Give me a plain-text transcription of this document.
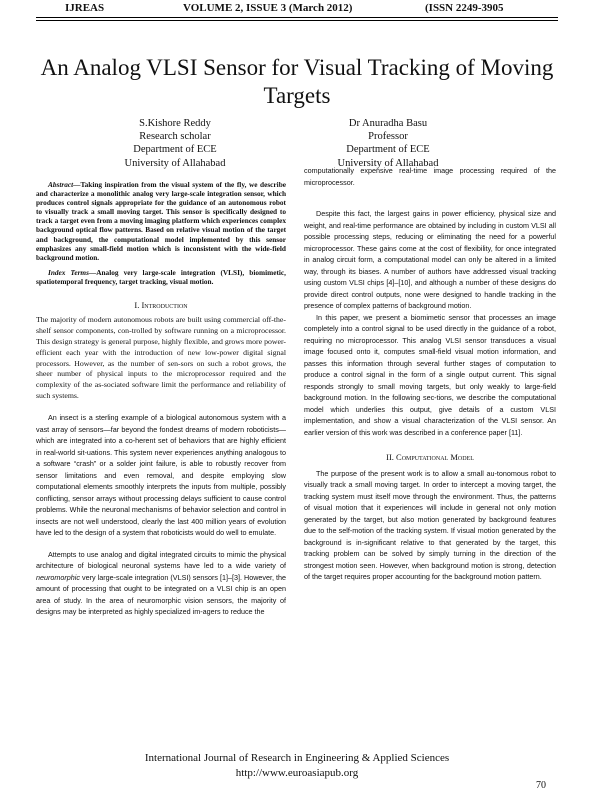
IJREAS	VOLUME 2, ISSUE 3 (March 2012)	(ISSN 2249-3905
An Analog VLSI Sensor for Visual Tracking of Moving Targets
S.Kishore Reddy
Research scholar
Department of ECE
University of Allahabad
Dr Anuradha Basu
Professor
Department of ECE
University of Allahabad

Abstract—Taking inspiration from the visual system of the fly, we describe and characterize a monolithic analog very large-scale integration sensor, which produces control signals appropriate for the guidance of an autonomous robot to visually track a small moving target. This sensor is specifically designed to track a target even from a moving imaging platform which experiences complex background optical flow patterns. Based on relative visual motion of the target and background, the computational model implemented by this sensor emphasizes any small-field motion which is inconsistent with the wide-field background motion.

Index Terms—Analog very large-scale integration (VLSI), biomimetic, spatiotemporal frequency, target tracking, visual motion.

I. Introduction

The majority of modern autonomous robots are built using commercial off-the-shelf sensor components, con-trolled by software running on a microprocessor. This design strategy is general purpose, highly flexible, and grows more power-efficient each year with the introduction of new low-power digital signal processors. However, as the number of sen-sors on such a robot grows, the sheer number of physical inputs to the microprocessor required and the complexity of the as-sociated software limit the performance and reliability of such systems.

An insect is a sterling example of a biological autonomous system with a vast array of sensors—far beyond the fondest dreams of modern roboticists—which are integrated into a co-herent set of behaviors that are highly efficient in real-world sit-uations. This system never experiences anything analogous to a software “crash” or a solder joint failure, is able to robustly recover from sensor limitations and even removal, and despite employing slow computational elements smoothly interprets the inputs from multiple, possibly conflicting, sensor arrays without processing delays sufficient to cause control problems. While the neuronal mechanisms of behavior selection and control in insects are not well understood, clearly the last 400 million years of evolution have led to the design of a system that roboticists would do well to emulate.

Attempts to use analog and digital integrated circuits to mimic the physical architecture of biological neuronal systems have led to a wide variety of neuromorphic very large-scale integration (VLSI) sensors [1]–[3]. However, the amount of processing that ought to be integrated on a VLSI chip is an open area of study. In the area of neuromorphic vision sensors, the majority of designs may be interpreted as highly specialized im-agers to reduce the

computationally expensive real-time image processing required of the microprocessor.

Despite this fact, the largest gains in power efficiency, physical size and weight, and real-time performance are obtained by including in custom VLSI all possible processing steps, reducing or eliminating the need for a powerful microprocessor. These gains come at the cost of flexibility, for once integrated in analog circuit form, a computational model can only be altered in a limited way, through its biases. A number of authors have addressed visual tracking using custom VLSI chips [4]–[10], and although a number of these designs do provide direct control outputs, none were designed to handle tracking in the presence of complex patterns of background motion.

In this paper, we present a biomimetic sensor that processes an image completely into a control signal to be used directly in the guidance of a robot, requiring no microprocessor. This analog VLSI sensor transduces a visual image focused onto it, computes small-field visual motion information, and passes this information through several further stages of computation to produce a control signal in the form of a single output current. This signal responds strongly to small moving targets, but only weakly to large-field background motion. In the following sec-tions, we describe the computational model which underlies this output, give details of a custom VLSI implementation, and show a visual characterization of the VLSI sensor. An earlier version of this work was described in a conference paper [11].

II. Computational Model

The purpose of the present work is to allow a small au-tonomous robot to visually track a small moving target. In order to intercept a moving target, the tracking system must itself move through the environment. Thus, the patterns of visual motion that it experiences will include in general not only motion generated by the target, but also motion generated by background features due to the self-motion of the tracking system. If visual motion generated by the background is in-significant relative to that generated by the target, this tracking problem can be solved by simply turning in the direction of the strongest motion seen. However, when background motion is strong, detection of the target requires proper accounting for the background motion pattern.

International Journal of Research in Engineering & Applied Sciences
http://www.euroasiapub.org
70
